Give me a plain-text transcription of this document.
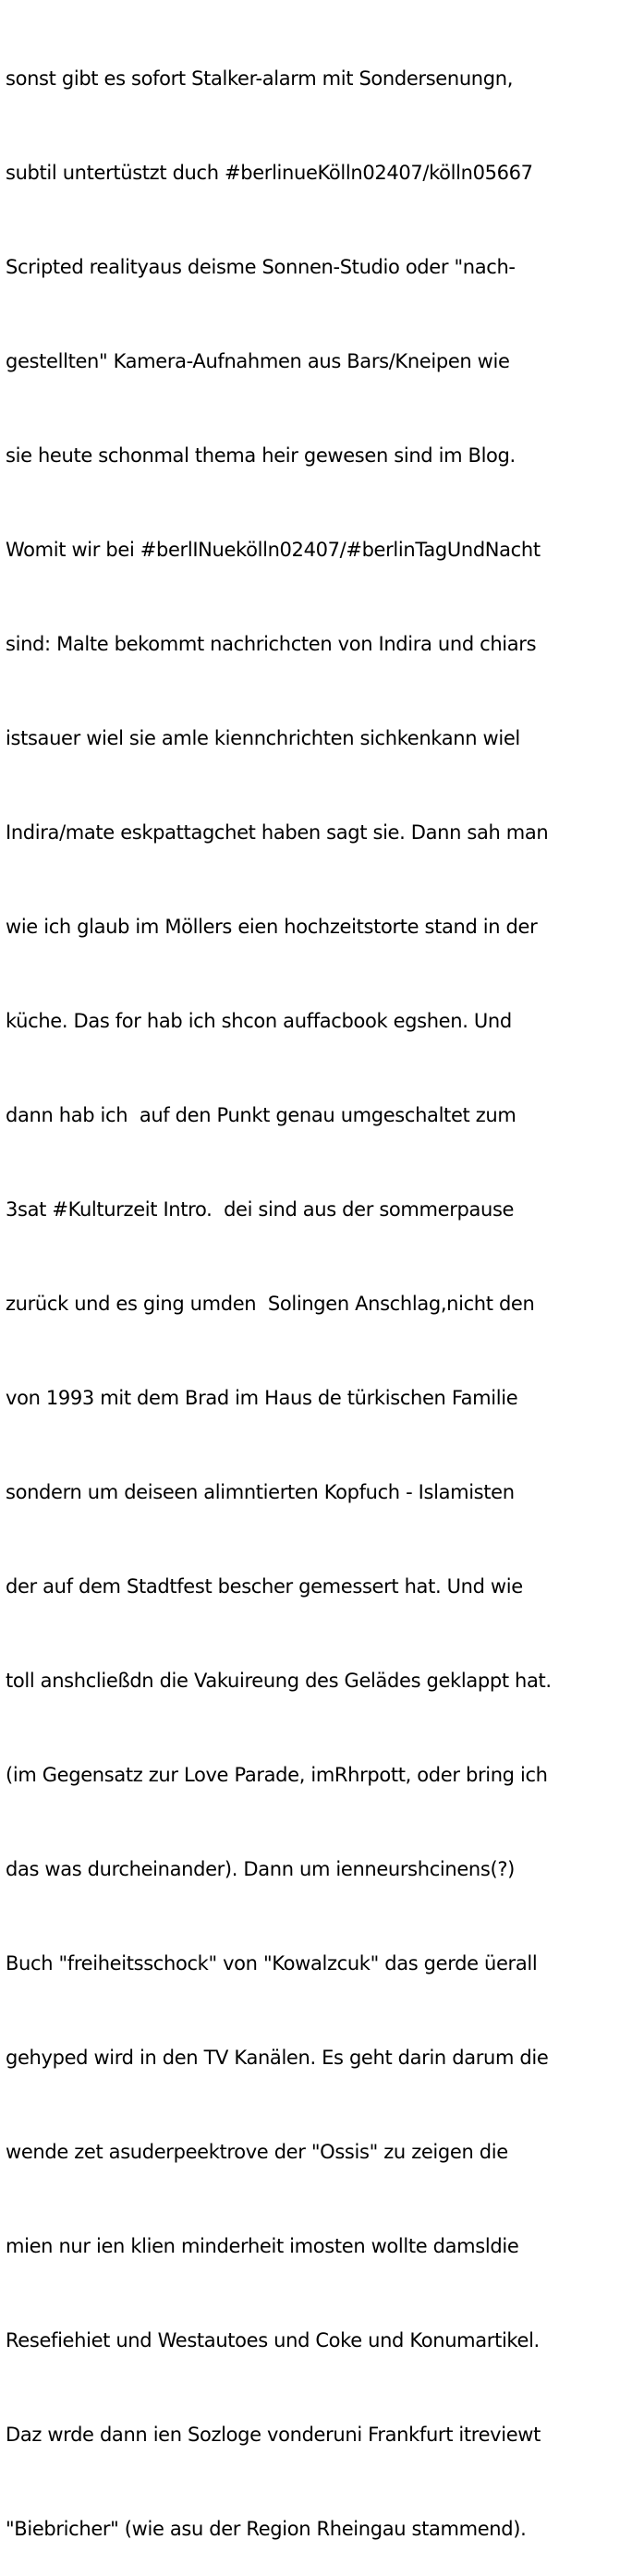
sonst gibt es sofort Stalker-alarm mit Sondersenungn,

subtil untertüstzt duch #berlinueKölln02407/kölln05667

Scripted realityaus deisme Sonnen-Studio oder "nach-

gestellten" Kamera-Aufnahmen aus Bars/Kneipen wie

sie heute schonmal thema heir gewesen sind im Blog.

Womit wir bei #berlINuekölln02407/#berlinTagUndNacht

sind: Malte bekommt nachrichcten von Indira und chiars

istsauer wiel sie amle kiennchrichten sichkenkann wiel

Indira/mate eskpattagchet haben sagt sie. Dann sah man

wie ich glaub im Möllers eien hochzeitstorte stand in der

küche. Das for hab ich shcon auffacbook egshen. Und

dann hab ich  auf den Punkt genau umgeschaltet zum

3sat #Kulturzeit Intro.  dei sind aus der sommerpause

zurück und es ging umden  Solingen Anschlag,nicht den

von 1993 mit dem Brad im Haus de türkischen Familie

sondern um deiseen alimntierten Kopfuch - Islamisten

der auf dem Stadtfest bescher gemessert hat. Und wie

toll anshcließdn die Vakuireung des Gelädes geklappt hat.

(im Gegensatz zur Love Parade, imRhrpott, oder bring ich

das was durcheinander). Dann um ienneurshcinens(?)

Buch "freiheitsschock" von "Kowalzcuk" das gerde üerall

gehyped wird in den TV Kanälen. Es geht darin darum die

wende zet asuderpeektrove der "Ossis" zu zeigen die

mien nur ien klien minderheit imosten wollte damsldie

Resefiehiet und Westautoes und Coke und Konumartikel.

Daz wrde dann ien Sozloge vonderuni Frankfurt itreviewt

"Biebricher" (wie asu der Region Rheingau stammend).
